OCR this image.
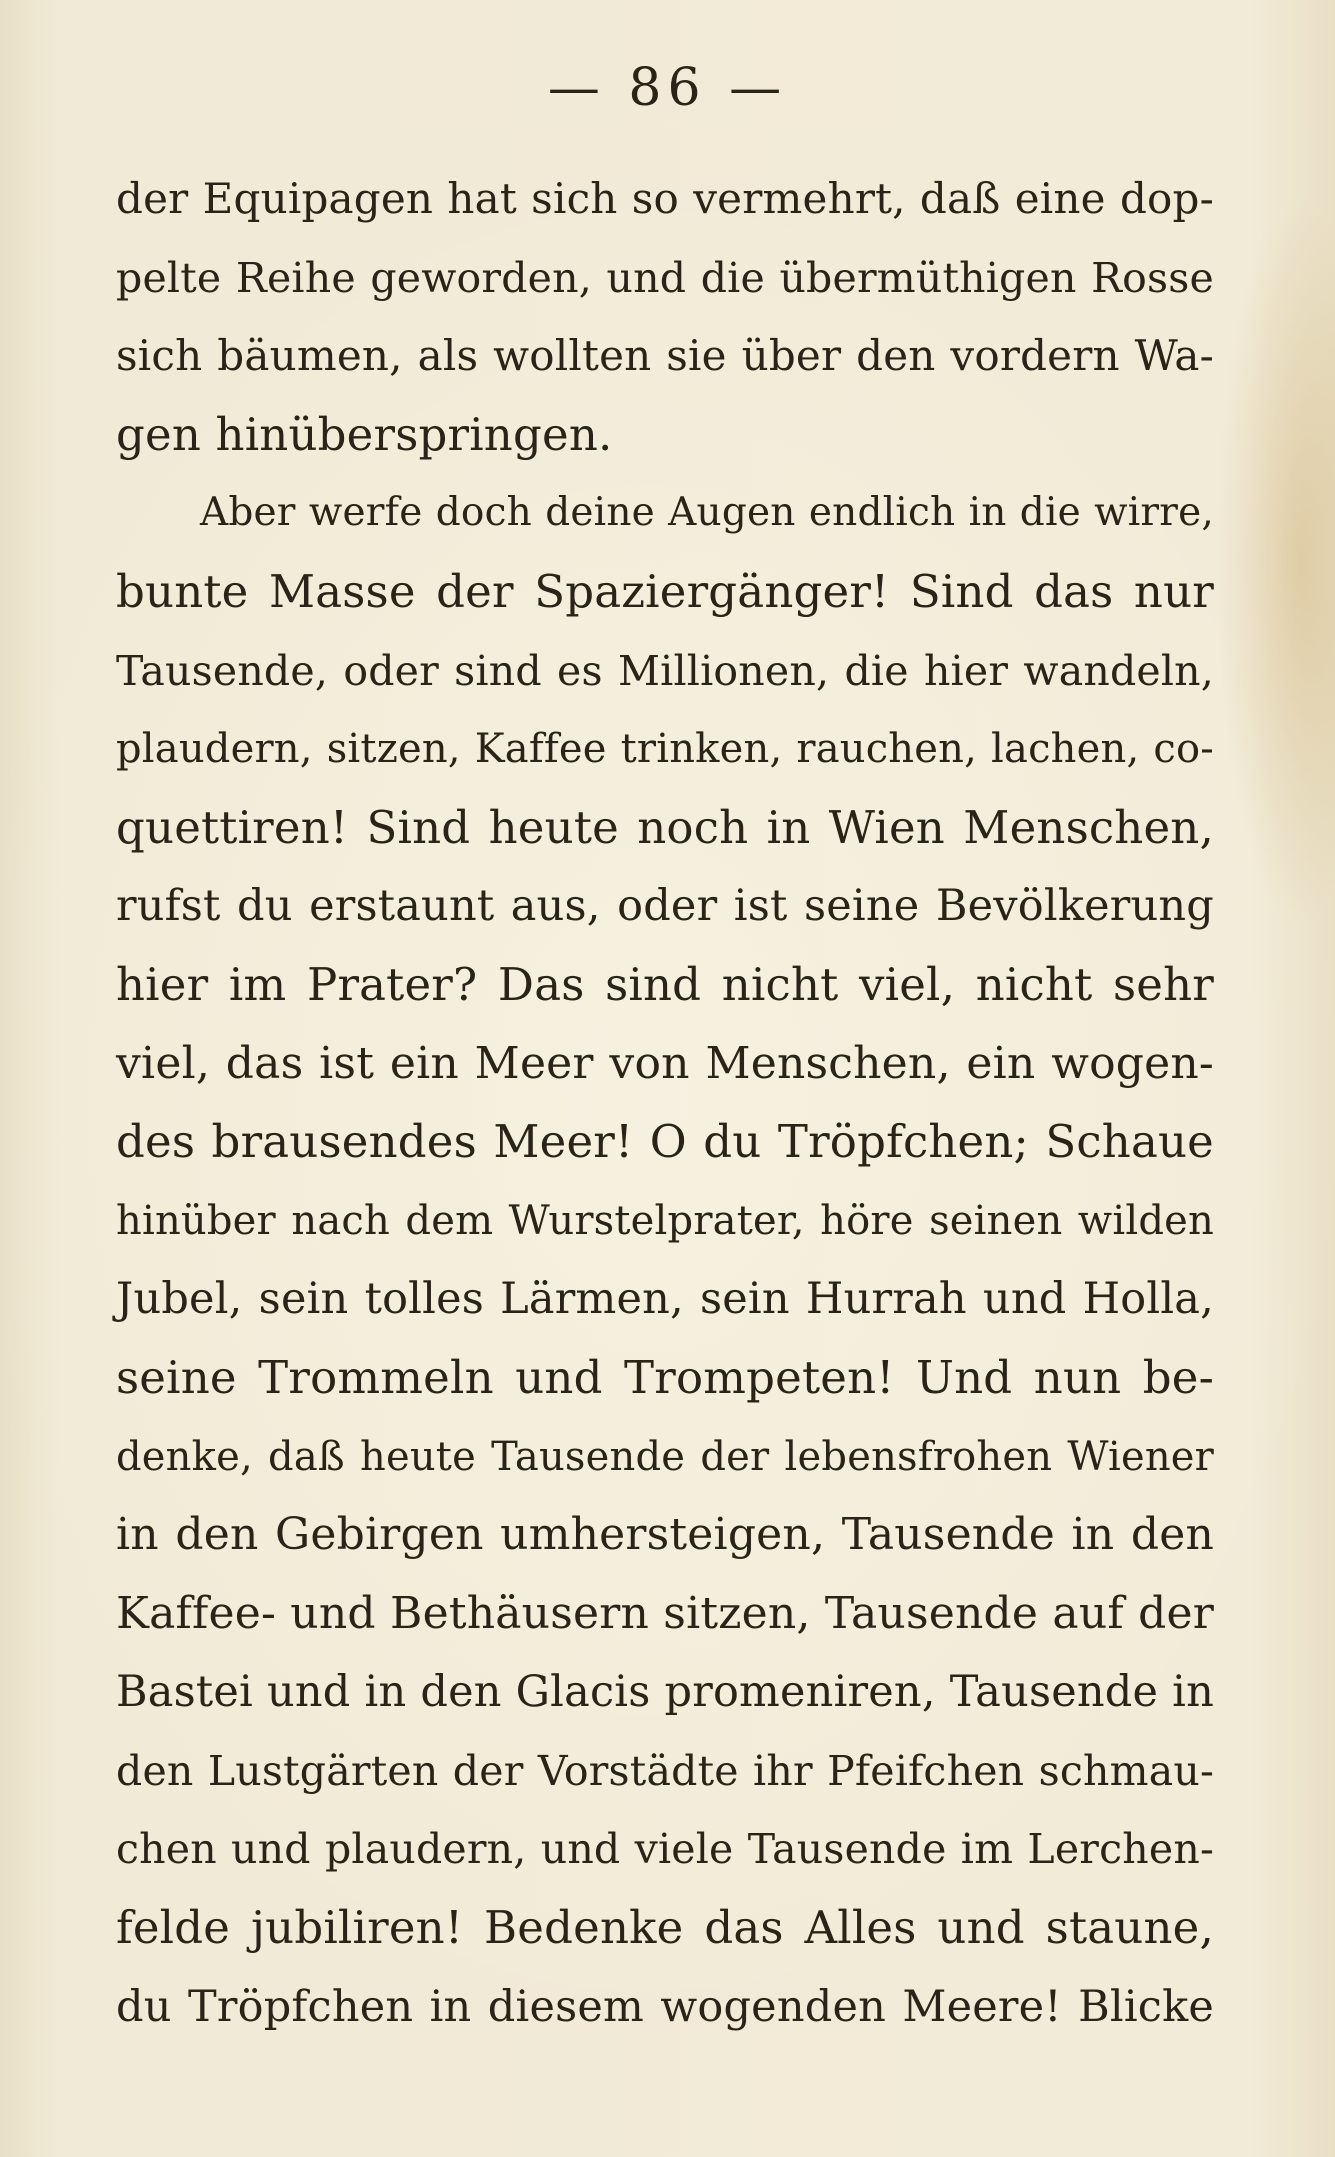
— 86 —
der Equipagen hat sich so vermehrt, daß eine dop-
pelte Reihe geworden, und die übermüthigen Rosse
sich bäumen, als wollten sie über den vordern Wa-
gen hinüberspringen.
Aber werfe doch deine Augen endlich in die wirre,
bunte Masse der Spaziergänger! Sind das nur
Tausende, oder sind es Millionen, die hier wandeln,
plaudern, sitzen, Kaffee trinken, rauchen, lachen, co-
quettiren! Sind heute noch in Wien Menschen,
rufst du erstaunt aus, oder ist seine Bevölkerung
hier im Prater? Das sind nicht viel, nicht sehr
viel, das ist ein Meer von Menschen, ein wogen-
des brausendes Meer! O du Tröpfchen; Schaue
hinüber nach dem Wurstelprater, höre seinen wilden
Jubel, sein tolles Lärmen, sein Hurrah und Holla,
seine Trommeln und Trompeten! Und nun be-
denke, daß heute Tausende der lebensfrohen Wiener
in den Gebirgen umhersteigen, Tausende in den
Kaffee- und Bethäusern sitzen, Tausende auf der
Bastei und in den Glacis promeniren, Tausende in
den Lustgärten der Vorstädte ihr Pfeifchen schmau-
chen und plaudern, und viele Tausende im Lerchen-
felde jubiliren! Bedenke das Alles und staune,
du Tröpfchen in diesem wogenden Meere! Blicke
